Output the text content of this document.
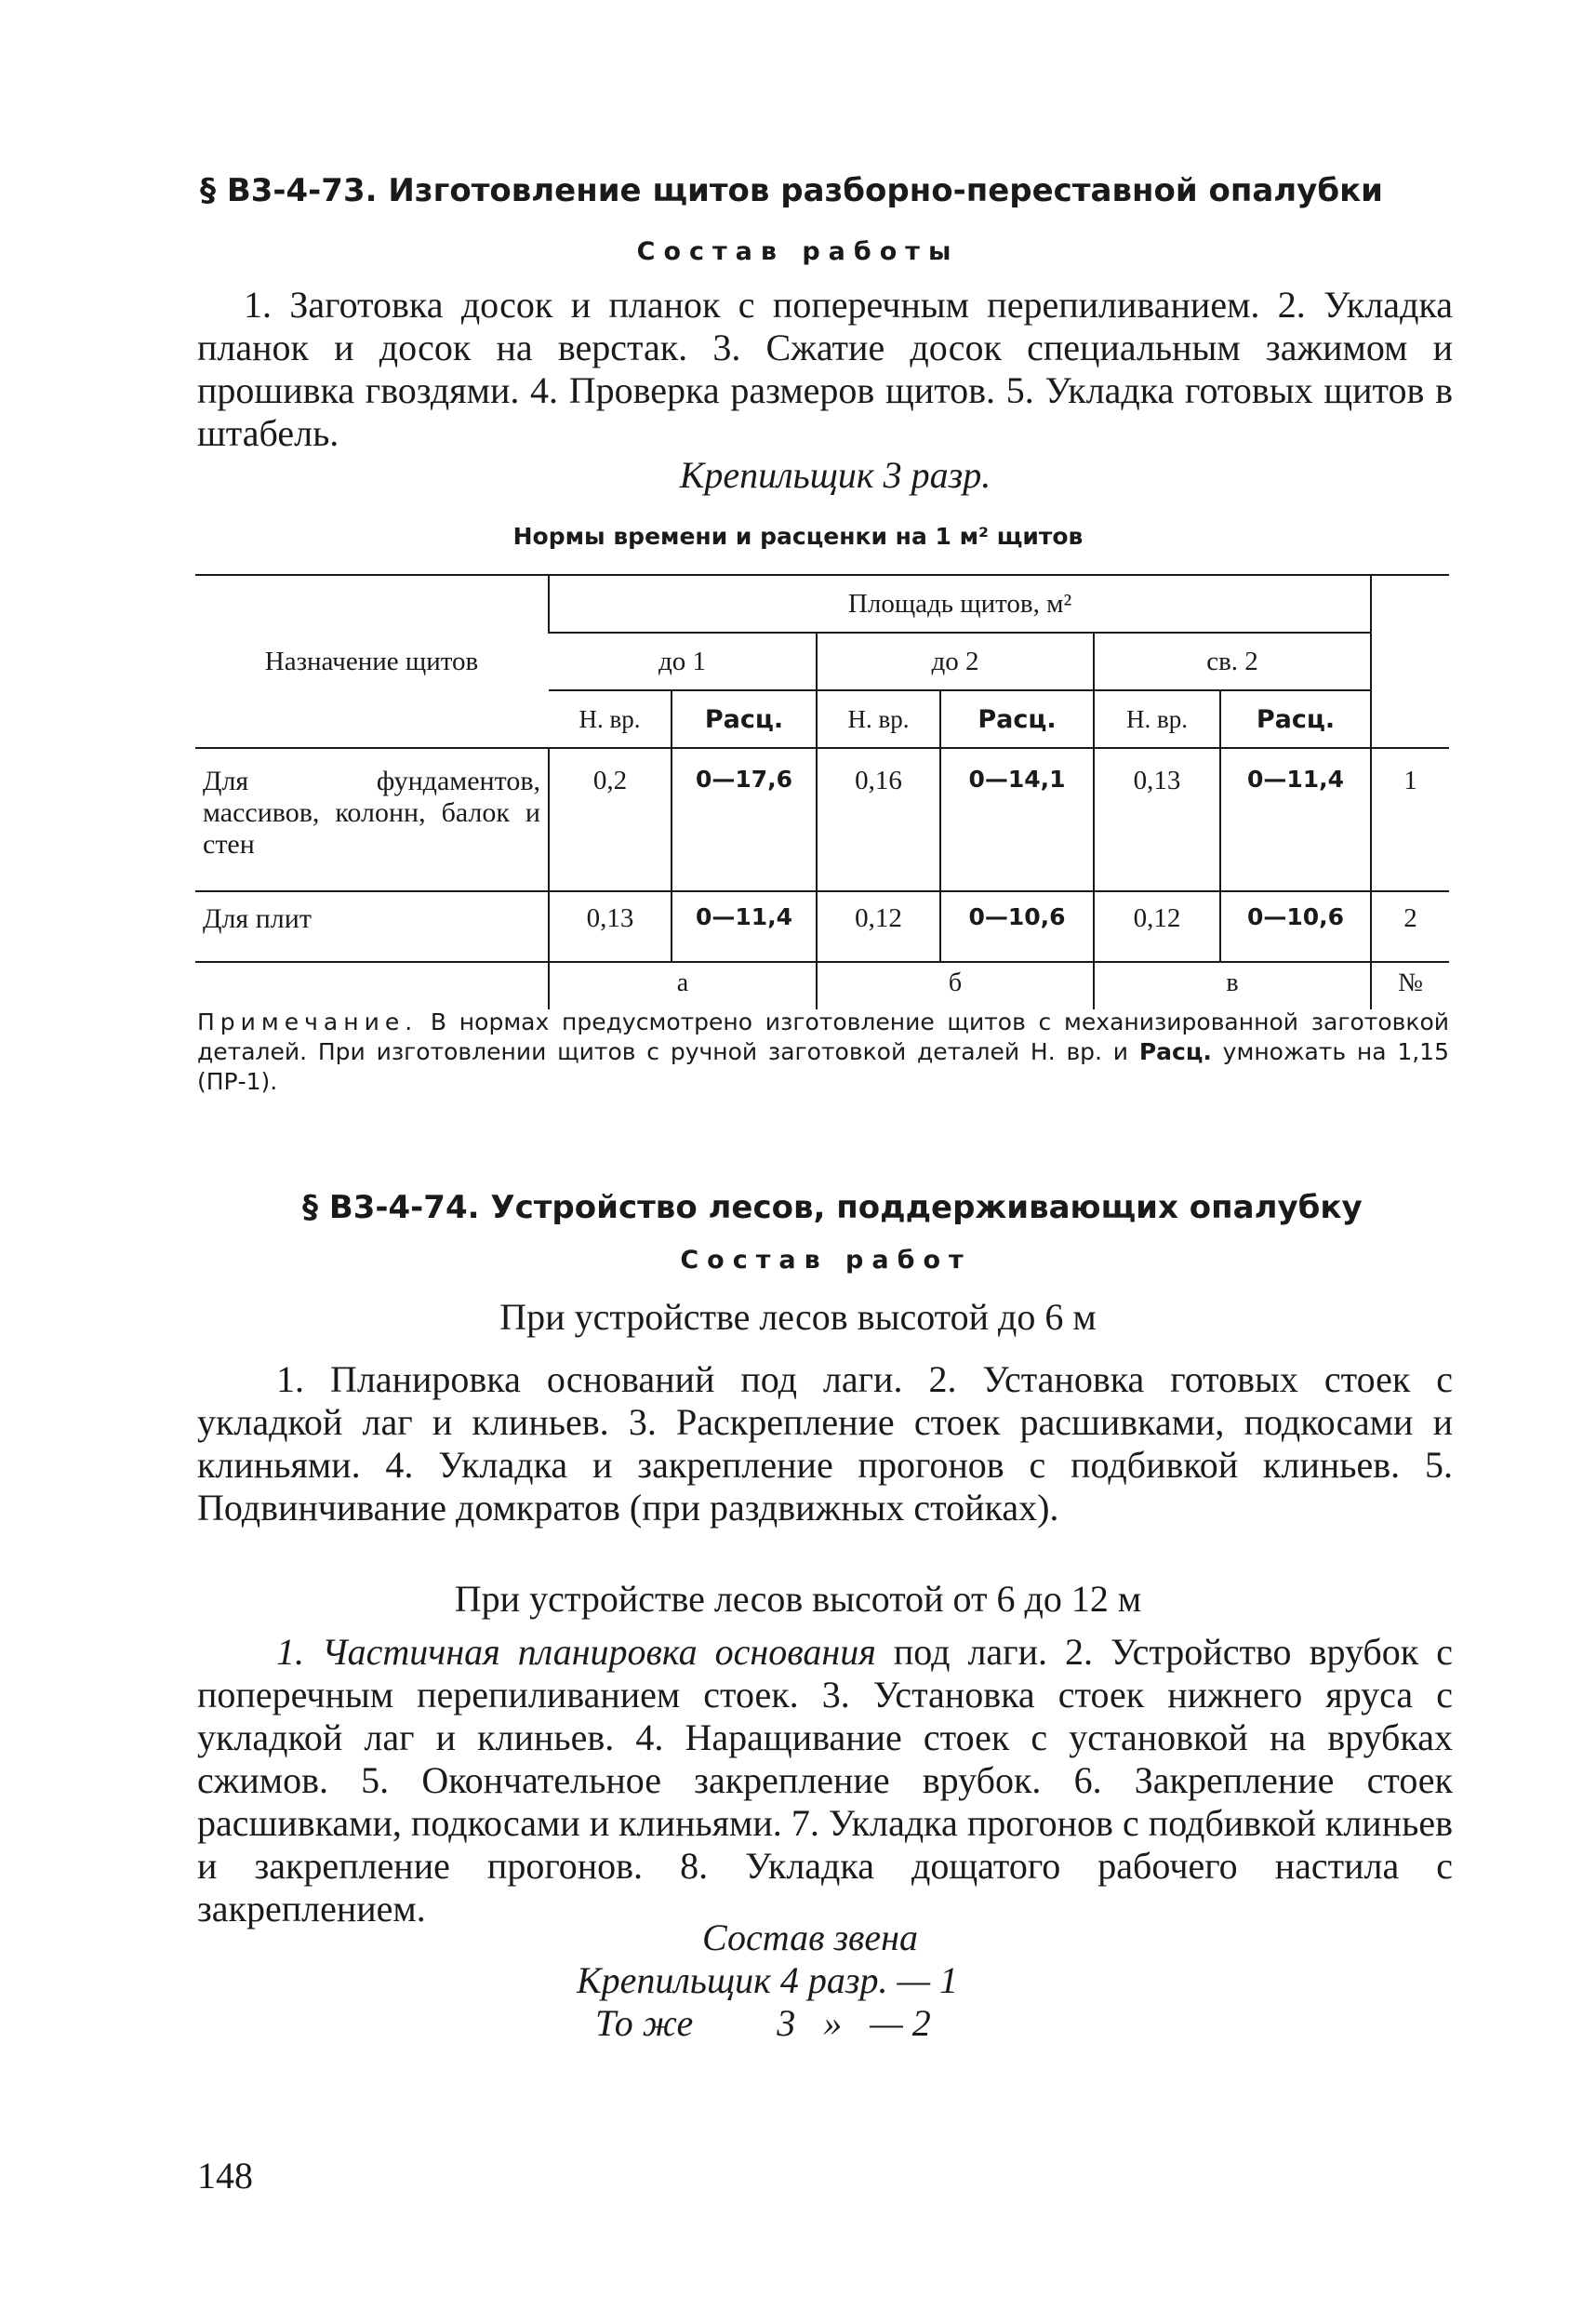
§ В3-4-73. Изготовление щитов разборно-переставной опалубки

Состав работы

1. Заготовка досок и планок с поперечным перепиливанием. 2. Укладка планок и досок на верстак. 3. Сжатие досок специальным зажимом и прошивка гвоздями. 4. Проверка размеров щитов. 5. Укладка готовых щитов в штабель.

Крепильщик 3 разр.

Нормы времени и расценки на 1 м² щитов

Назначение щитов	Площадь щитов, м²						
	до 1		до 2		св. 2		
	Н. вр.	Расц.	Н. вр.	Расц.	Н. вр.	Расц.	
Для фундаментов, массивов, колонн, балок и стен	0,2	0—17,6	0,16	0—14,1	0,13	0—11,4	1
Для плит	0,13	0—11,4	0,12	0—10,6	0,12	0—10,6	2
	а		б		в		№

Примечание. В нормах предусмотрено изготовление щитов с механизированной заготовкой деталей. При изготовлении щитов с ручной заготовкой деталей Н. вр. и Расц. умножать на 1,15 (ПР-1).

§ В3-4-74. Устройство лесов, поддерживающих опалубку

Состав работ

При устройстве лесов высотой до 6 м

1. Планировка оснований под лаги. 2. Установка готовых стоек с укладкой лаг и клиньев. 3. Раскрепление стоек расшивками, подкосами и клиньями. 4. Укладка и закрепление прогонов с подбивкой клиньев. 5. Подвинчивание домкратов (при раздвижных стойках).

При устройстве лесов высотой от 6 до 12 м

1. Частичная планировка основания под лаги. 2. Устройство врубок с поперечным перепиливанием стоек. 3. Установка стоек нижнего яруса с укладкой лаг и клиньев. 4. Наращивание стоек с установкой на врубках сжимов. 5. Окончательное закрепление врубок. 6. Закрепление стоек расшивками, подкосами и клиньями. 7. Укладка прогонов с подбивкой клиньев и закрепление прогонов. 8. Укладка дощатого рабочего настила с закреплением.

Состав звена
Крепильщик 4 разр. — 1
То же         3   »   — 2

148
